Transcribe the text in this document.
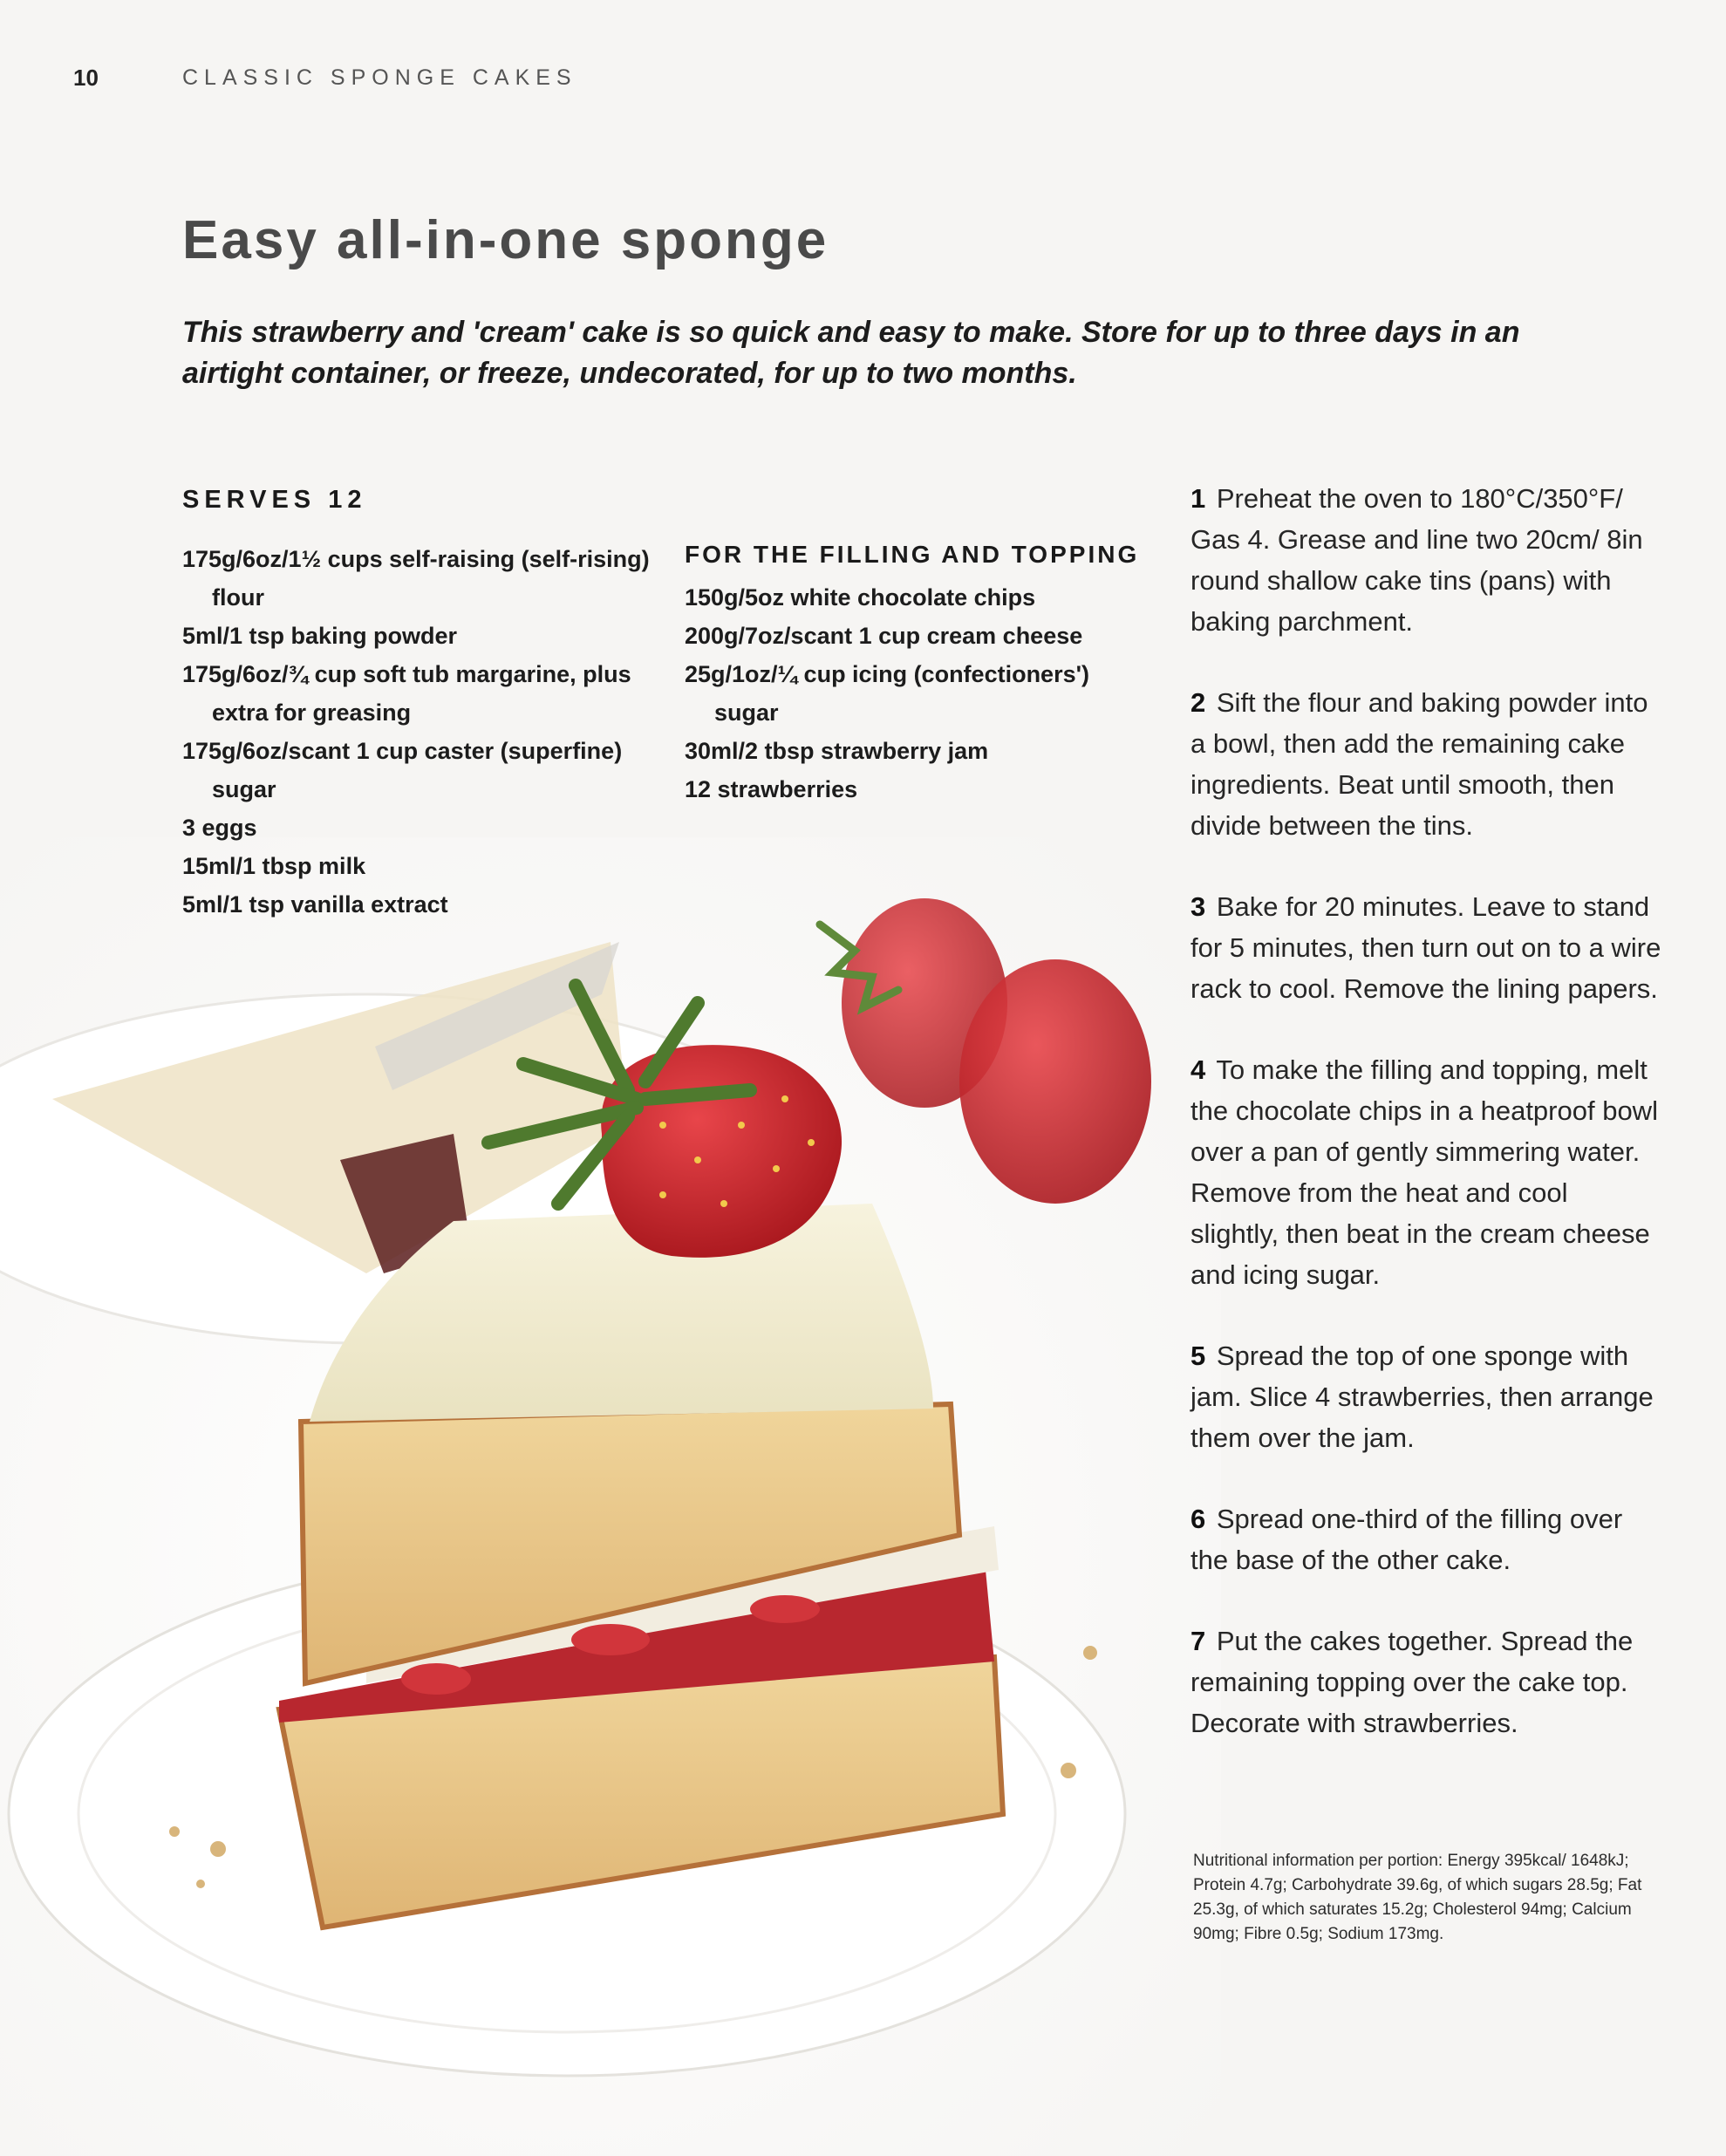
10	CLASSIC SPONGE CAKES
Easy all-in-one sponge

This strawberry and 'cream' cake is so quick and easy to make. Store for up to three days in an airtight container, or freeze, undecorated, for up to two months.

SERVES 12
175g/6oz/1½ cups self-raising (self-rising) flour
5ml/1 tsp baking powder
175g/6oz/¾ cup soft tub margarine, plus extra for greasing
175g/6oz/scant 1 cup caster (superfine) sugar
3 eggs
15ml/1 tbsp milk
5ml/1 tsp vanilla extract
FOR THE FILLING AND TOPPING
150g/5oz white chocolate chips
200g/7oz/scant 1 cup cream cheese
25g/1oz/¼ cup icing (confectioners') sugar
30ml/2 tbsp strawberry jam
12 strawberries
1 Preheat the oven to 180°C/350°F/ Gas 4. Grease and line two 20cm/ 8in round shallow cake tins (pans) with baking parchment.
2 Sift the flour and baking powder into a bowl, then add the remaining cake ingredients. Beat until smooth, then divide between the tins.
3 Bake for 20 minutes. Leave to stand for 5 minutes, then turn out on to a wire rack to cool. Remove the lining papers.
4 To make the filling and topping, melt the chocolate chips in a heatproof bowl over a pan of gently simmering water. Remove from the heat and cool slightly, then beat in the cream cheese and icing sugar.
5 Spread the top of one sponge with jam. Slice 4 strawberries, then arrange them over the jam.
6 Spread one-third of the filling over the base of the other cake.
7 Put the cakes together. Spread the remaining topping over the cake top. Decorate with strawberries.

Nutritional information per portion: Energy 395kcal/ 1648kJ; Protein 4.7g; Carbohydrate 39.6g, of which sugars 28.5g; Fat 25.3g, of which saturates 15.2g; Cholesterol 94mg; Calcium 90mg; Fibre 0.5g; Sodium 173mg.
